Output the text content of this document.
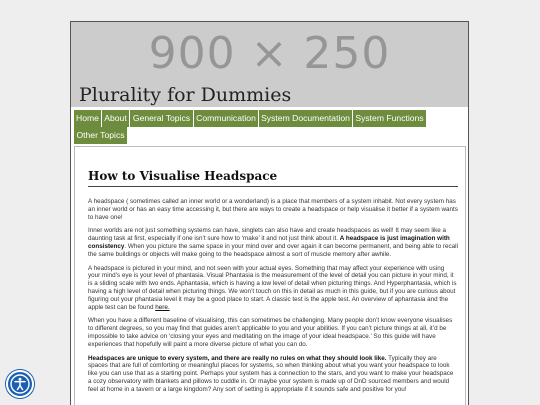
900 × 250
Plurality for Dummies
Home About General Topics Communication System Documentation System Functions
Other Topics
How to Visualise Headspace

A headspace ( sometimes called an inner world or a wonderland) is a place that members of a system inhabit. Not every system has an inner world or has an easy time accessing it, but there are ways to create a headspace or help visualise it better if a system wants to have one!

Inner worlds are not just something systems can have, singlets can also have and create headspaces as well! It may seem like a daunting task at first, especially if one isn’t sure how to ‘make’ it and not just think about it. A headspace is just imagination with consistency. When you picture the same space in your mind over and over again it can become permanent, and being able to recall the same buildings or objects will make going to the headspace almost a sort of muscle memory after awhile.

A headspace is pictured in your mind, and not seen with your actual eyes. Something that may affect your experience with using your mind’s eye is your level of phantasia. Visual Phantasia is the measurement of the level of detail you can picture in your mind, it is a sliding scale with two ends. Aphantasia, which is having a low level of detail when picturing things. And Hyperphantasia, which is having a high level of detail when picturing things. We won’t touch on this in detail as much in this guide, but if you are curious about figuring out your phantasia level it may be a good place to start. A classic test is the apple test. An overview of aphantasia and the apple test can be found here.

When you have a different baseline of visualising, this can sometimes be challenging. Many people don’t know everyone visualises to different degrees, so you may find that guides aren’t applicable to you and your abilities. If you can’t picture things at all, it’d be impossible to take advice on ‘closing your eyes and meditating on the image of your ideal headspace.’ So this guide will have experiences that hopefully will paint a more diverse picture of what you can do.

Headspaces are unique to every system, and there are really no rules on what they should look like. Typically they are spaces that are full of comforting or meaningful places for systems, so when thinking about what you want your headspace to look like you can use that as a starting point. Perhaps your system has a connection to the stars, and you want to make your headspace a cozy observatory with blankets and pillows to cuddle in. Or maybe your system is made up of DnD sourced members and would feel at home in a tavern or a large kingdom? Any sort of setting is appropriate if it sounds safe and positive for you!
